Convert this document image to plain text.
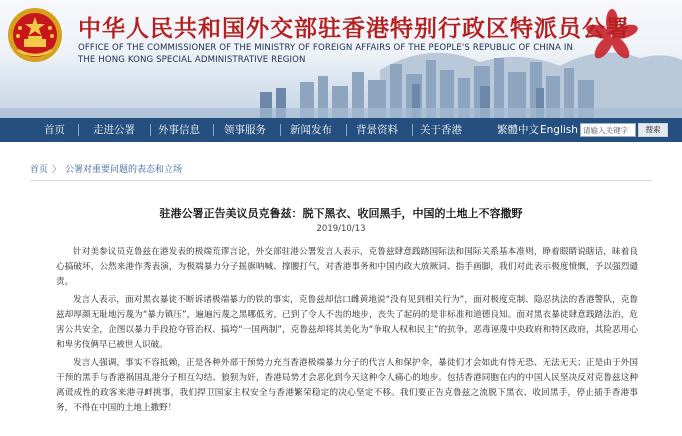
中华人民共和国外交部驻香港特别行政区特派员公署
OFFICE OF THE COMMISSIONER OF THE MINISTRY OF FOREIGN AFFAIRS OF THE PEOPLE'S REPUBLIC OF CHINA IN
THE HONG KONG SPECIAL ADMINISTRATIVE REGION
首页	走进公署 外事信息 领事服务 新闻发布 背景资料 关于香港	繁體中文 English
请输入关键字	搜索
首页 〉 公署对重要问题的表态和立场
驻港公署正告美议员克鲁兹：脱下黑衣、收回黑手，中国的土地上不容撒野
2019/10/13

针对美参议员克鲁兹在港发表的极端荒谬言论，外交部驻港公署发言人表示，克鲁兹肆意践踏国际法和国际关系基本准则，睁着眼睛说瞎话，昧着良心搞破坏，公然来港作秀表演，为极端暴力分子摇旗呐喊、撑腰打气，对香港事务和中国内政大放厥词、指手画脚，我们对此表示极度愤慨，予以强烈谴责。

发言人表示，面对黑衣暴徒不断诉诸极端暴力的铁的事实，克鲁兹却信口雌黄地说“没有见到相关行为”，面对极度克制、隐忍执法的香港警队，克鲁兹却厚颜无耻地污蔑为“暴力镇压”，遍遍污蔑之黑哪低劣，已到了令人不齿的地步，丧失了起码的是非标准和道德良知。面对黑衣暴徒肆意践踏法治，危害公共安全，企图以暴力手段抢夺管治权、搞垮“一国两制”，克鲁兹却将其美化为“争取人权和民主”的抗争，恶毒诬蔑中央政府和特区政府，其险恶用心和卑劣伎俩早已被世人识破。

发言人强调，事实不容抵赖，正是各种外部干预势力充当香港极端暴力分子的代言人和保护伞，暴徒们才会如此有恃无恐、无法无天；正是由于外国干预的黑手与香港祸国乱港分子相互勾结、狼狈为奸，香港局势才会恶化到今天这种令人痛心的地步。包括香港同胞在内的中国人民坚决反对克鲁兹这种离谎成性的政客来港寻衅挑事，我们捍卫国家主权安全与香港繁荣稳定的决心坚定不移。我们要正告克鲁兹之流脱下黑衣、收回黑手，停止插手香港事务，不得在中国的土地上撒野！
